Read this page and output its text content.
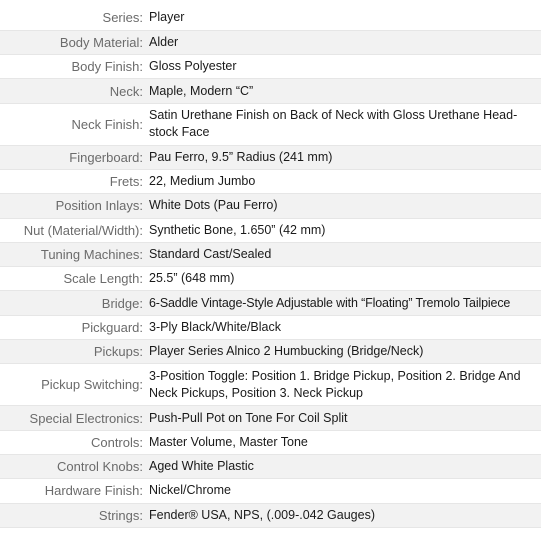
Series:	Player
Body Material:	Alder
Body Finish:	Gloss Polyester
Neck:	Maple, Modern “C”
Neck Finish:	Satin Urethane Finish on Back of Neck with Gloss Urethane Head-stock Face
Fingerboard:	Pau Ferro, 9.5” Radius (241 mm)
Frets:	22, Medium Jumbo
Position Inlays:	White Dots (Pau Ferro)
Nut (Material/Width):	Synthetic Bone, 1.650” (42 mm)
Tuning Machines:	Standard Cast/Sealed
Scale Length:	25.5” (648 mm)
Bridge:	6-Saddle Vintage-Style Adjustable with “Floating” Tremolo Tailpiece
Pickguard:	3-Ply Black/White/Black
Pickups:	Player Series Alnico 2 Humbucking (Bridge/Neck)
Pickup Switching:	3-Position Toggle: Position 1. Bridge Pickup, Position 2. Bridge And Neck Pickups, Position 3. Neck Pickup
Special Electronics:	Push-Pull Pot on Tone For Coil Split
Controls:	Master Volume, Master Tone
Control Knobs:	Aged White Plastic
Hardware Finish:	Nickel/Chrome
Strings:	Fender® USA, NPS, (.009-.042 Gauges)
